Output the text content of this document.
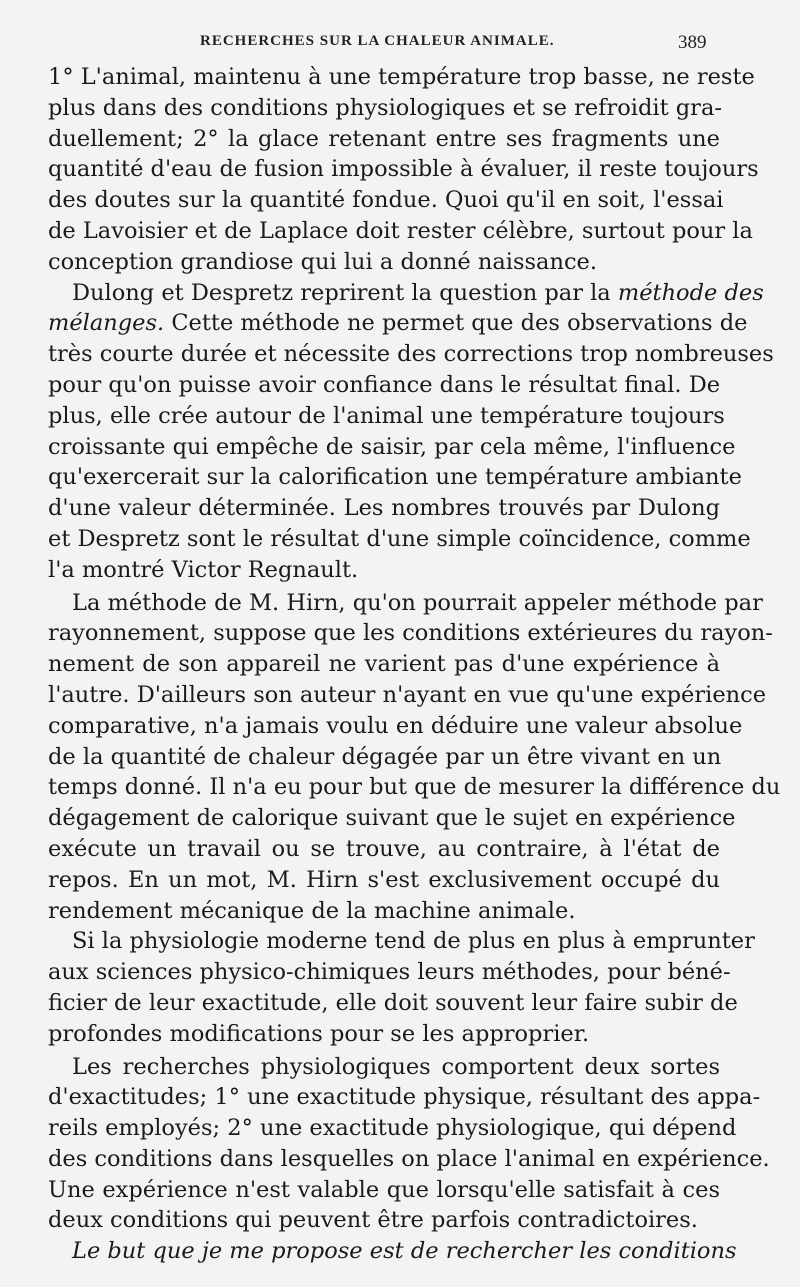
RECHERCHES SUR LA CHALEUR ANIMALE.	389
1° L'animal, maintenu à une température trop basse, ne reste
plus dans des conditions physiologiques et se refroidit gra-
duellement; 2° la glace retenant entre ses fragments une
quantité d'eau de fusion impossible à évaluer, il reste toujours
des doutes sur la quantité fondue. Quoi qu'il en soit, l'essai
de Lavoisier et de Laplace doit rester célèbre, surtout pour la
conception grandiose qui lui a donné naissance.
Dulong et Despretz reprirent la question par la méthode des
mélanges. Cette méthode ne permet que des observations de
très courte durée et nécessite des corrections trop nombreuses
pour qu'on puisse avoir confiance dans le résultat final. De
plus, elle crée autour de l'animal une température toujours
croissante qui empêche de saisir, par cela même, l'influence
qu'exercerait sur la calorification une température ambiante
d'une valeur déterminée. Les nombres trouvés par Dulong
et Despretz sont le résultat d'une simple coïncidence, comme
l'a montré Victor Regnault.
La méthode de M. Hirn, qu'on pourrait appeler méthode par
rayonnement, suppose que les conditions extérieures du rayon-
nement de son appareil ne varient pas d'une expérience à
l'autre. D'ailleurs son auteur n'ayant en vue qu'une expérience
comparative, n'a jamais voulu en déduire une valeur absolue
de la quantité de chaleur dégagée par un être vivant en un
temps donné. Il n'a eu pour but que de mesurer la différence du
dégagement de calorique suivant que le sujet en expérience
exécute un travail ou se trouve, au contraire, à l'état de
repos. En un mot, M. Hirn s'est exclusivement occupé du
rendement mécanique de la machine animale.
Si la physiologie moderne tend de plus en plus à emprunter
aux sciences physico-chimiques leurs méthodes, pour béné-
ficier de leur exactitude, elle doit souvent leur faire subir de
profondes modifications pour se les approprier.
Les recherches physiologiques comportent deux sortes
d'exactitudes; 1° une exactitude physique, résultant des appa-
reils employés; 2° une exactitude physiologique, qui dépend
des conditions dans lesquelles on place l'animal en expérience.
Une expérience n'est valable que lorsqu'elle satisfait à ces
deux conditions qui peuvent être parfois contradictoires.
Le but que je me propose est de rechercher les conditions
